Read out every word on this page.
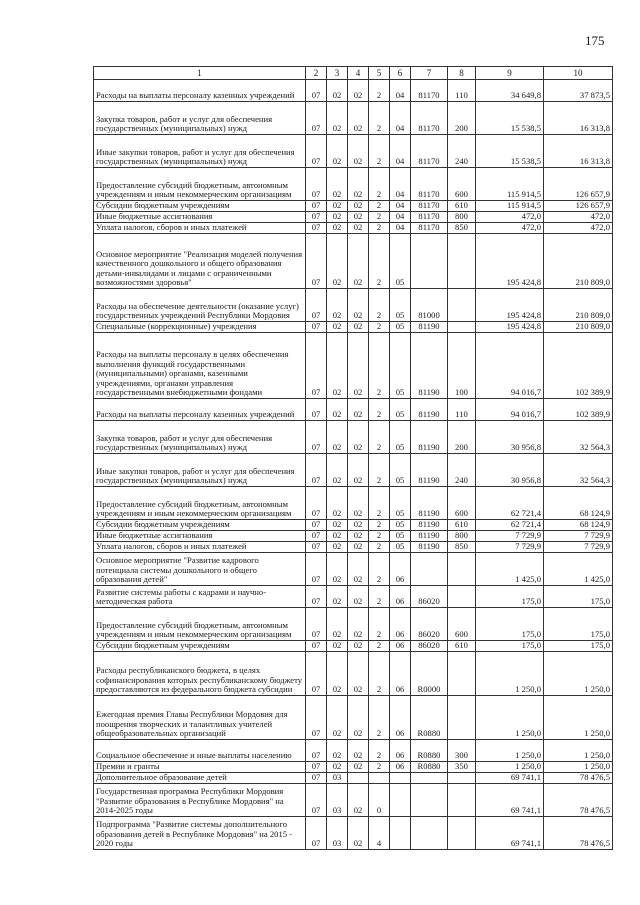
175
1	2	3	4	5	6	7	8	9	10
Расходы на выплаты персоналу казенных учреждений	07	02	02	2	04	81170	110	34 649,8	37 873,5
Закупка товаров, работ и услуг для обеспечения государственных (муниципальных) нужд	07	02	02	2	04	81170	200	15 538,5	16 313,8
Иные закупки товаров, работ и услуг для обеспечения государственных (муниципальных) нужд	07	02	02	2	04	81170	240	15 538,5	16 313,8
Предоставление субсидий бюджетным, автономным учреждениям и иным некоммерческим организациям	07	02	02	2	04	81170	600	115 914,5	126 657,9
Субсидии бюджетным учреждениям	07	02	02	2	04	81170	610	115 914,5	126 657,9
Иные бюджетные ассигнования	07	02	02	2	04	81170	800	472,0	472,0
Уплата налогов, сборов и иных платежей	07	02	02	2	04	81170	850	472,0	472,0
Основное мероприятие "Реализация моделей получения качественного дошкольного и общего образования детьми-инвалидами и лицами с ограниченными возможностями здоровья"	07	02	02	2	05			195 424,8	210 809,0
Расходы на обеспечение деятельности (оказание услуг) государственных учреждений Республики Мордовия	07	02	02	2	05	81000		195 424,8	210 809,0
Специальные (коррекционные) учреждения	07	02	02	2	05	81190		195 424,8	210 809,0
Расходы на выплаты персоналу в целях обеспечения выполнения функций государственными (муниципальными) органами, казенными учреждениями, органами управления государственными внебюджетными фондами	07	02	02	2	05	81190	100	94 016,7	102 389,9
Расходы на выплаты персоналу казенных учреждений	07	02	02	2	05	81190	110	94 016,7	102 389,9
Закупка товаров, работ и услуг для обеспечения государственных (муниципальных) нужд	07	02	02	2	05	81190	200	30 956,8	32 564,3
Иные закупки товаров, работ и услуг для обеспечения государственных (муниципальных) нужд	07	02	02	2	05	81190	240	30 956,8	32 564,3
Предоставление субсидий бюджетным, автономным учреждениям и иным некоммерческим организациям	07	02	02	2	05	81190	600	62 721,4	68 124,9
Субсидии бюджетным учреждениям	07	02	02	2	05	81190	610	62 721,4	68 124,9
Иные бюджетные ассигнования	07	02	02	2	05	81190	800	7 729,9	7 729,9
Уплата налогов, сборов и иных платежей	07	02	02	2	05	81190	850	7 729,9	7 729,9
Основное мероприятие "Развитие кадрового потенциала системы дошкольного и общего образования детей"	07	02	02	2	06			1 425,0	1 425,0
Развитие системы работы с кадрами и научно-методическая работа	07	02	02	2	06	86020		175,0	175,0
Предоставление субсидий бюджетным, автономным учреждениям и иным некоммерческим организациям	07	02	02	2	06	86020	600	175,0	175,0
Субсидии бюджетным учреждениям	07	02	02	2	06	86020	610	175,0	175,0
Расходы республиканского бюджета, в целях софинансирования которых республиканскому бюджету предоставляются из федерального бюджета субсидии	07	02	02	2	06	R0000		1 250,0	1 250,0
Ежегодная премия Главы Республики Мордовия для поощрения творческих и талантливых учителей общеобразовательных организаций	07	02	02	2	06	R0880		1 250,0	1 250,0
Социальное обеспечение и иные выплаты населению	07	02	02	2	06	R0880	300	1 250,0	1 250,0
Премии и гранты	07	02	02	2	06	R0880	350	1 250,0	1 250,0
Дополнительное образование детей	07	03						69 741,1	78 476,5
Государственная программа Республики Мордовия "Развитие образования в Республике Мордовия" на 2014-2025 годы	07	03	02	0				69 741,1	78 476,5
Подпрограмма "Развитие системы дополнительного образования детей в Республике Мордовия" на 2015 - 2020 годы	07	03	02	4				69 741,1	78 476,5
